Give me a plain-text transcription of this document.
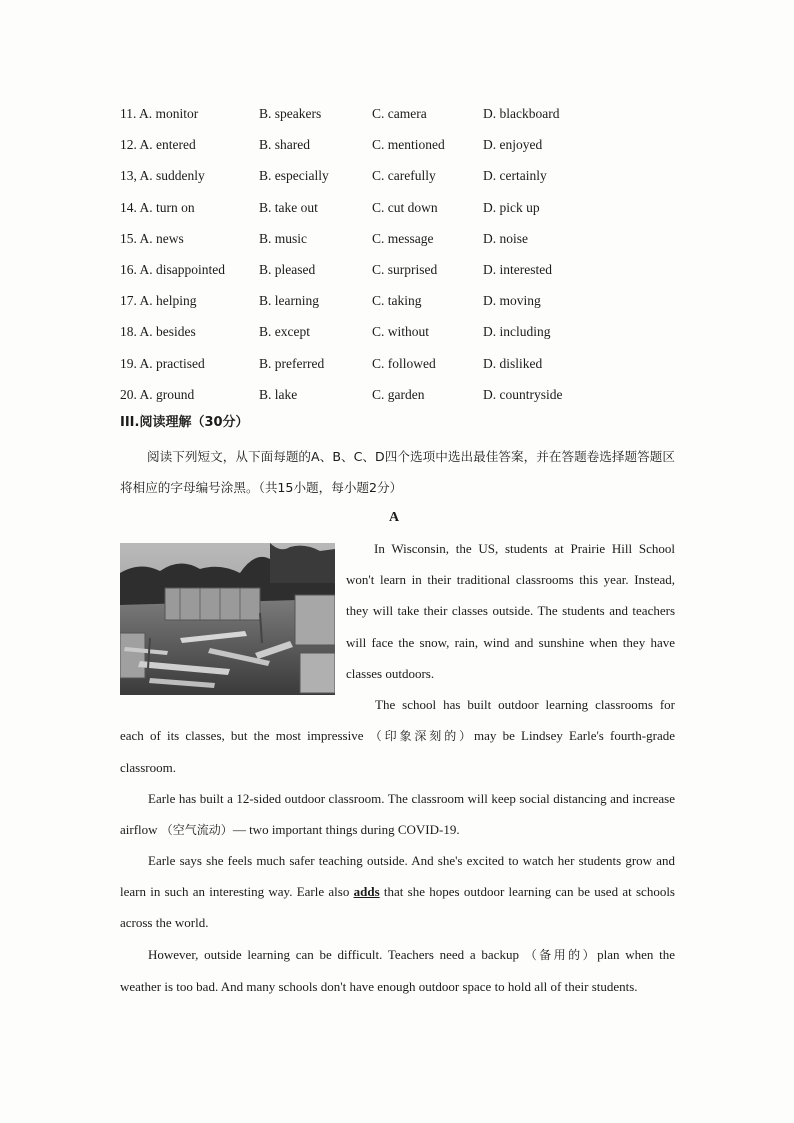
11. A. monitor	B. speakers	C. camera	D. blackboard
12. A. entered	B. shared	C. mentioned	D. enjoyed
13, A. suddenly	B. especially	C. carefully	D. certainly
14. A. turn on	B. take out	C. cut down	D. pick up
15. A. news	B. music	C. message	D. noise
16. A. disappointed	B. pleased	C. surprised	D. interested
17. A. helping	B. learning	C. taking	D. moving
18. A. besides	B. except	C. without	D. including
19. A. practised	B. preferred	C. followed	D. disliked
20. A. ground	B. lake	C. garden	D. countryside
III.阅读理解（30分）
阅读下列短文，从下面每题的A、B、C、D四个选项中选出最佳答案，并在答题卷选择题答题区将相应的字母编号涂黑。（共15小题，每小题2分）
A
In Wisconsin, the US, students at Prairie Hill School won't learn in their traditional classrooms this year. Instead, they will take their classes outside. The students and teachers will face the snow, rain, wind and sunshine when they have classes outdoors.
The school has built outdoor learning classrooms for each of its classes, but the most impressive （印象深刻的）may be Lindsey Earle's fourth-grade classroom.
Earle has built a 12-sided outdoor classroom. The classroom will keep social distancing and increase airflow （空气流动）— two important things during COVID-19.
Earle says she feels much safer teaching outside. And she's excited to watch her students grow and learn in such an interesting way. Earle also adds that she hopes outdoor learning can be used at schools across the world.
However, outside learning can be difficult. Teachers need a backup （备用的）plan when the weather is too bad. And many schools don't have enough outdoor space to hold all of their students.
